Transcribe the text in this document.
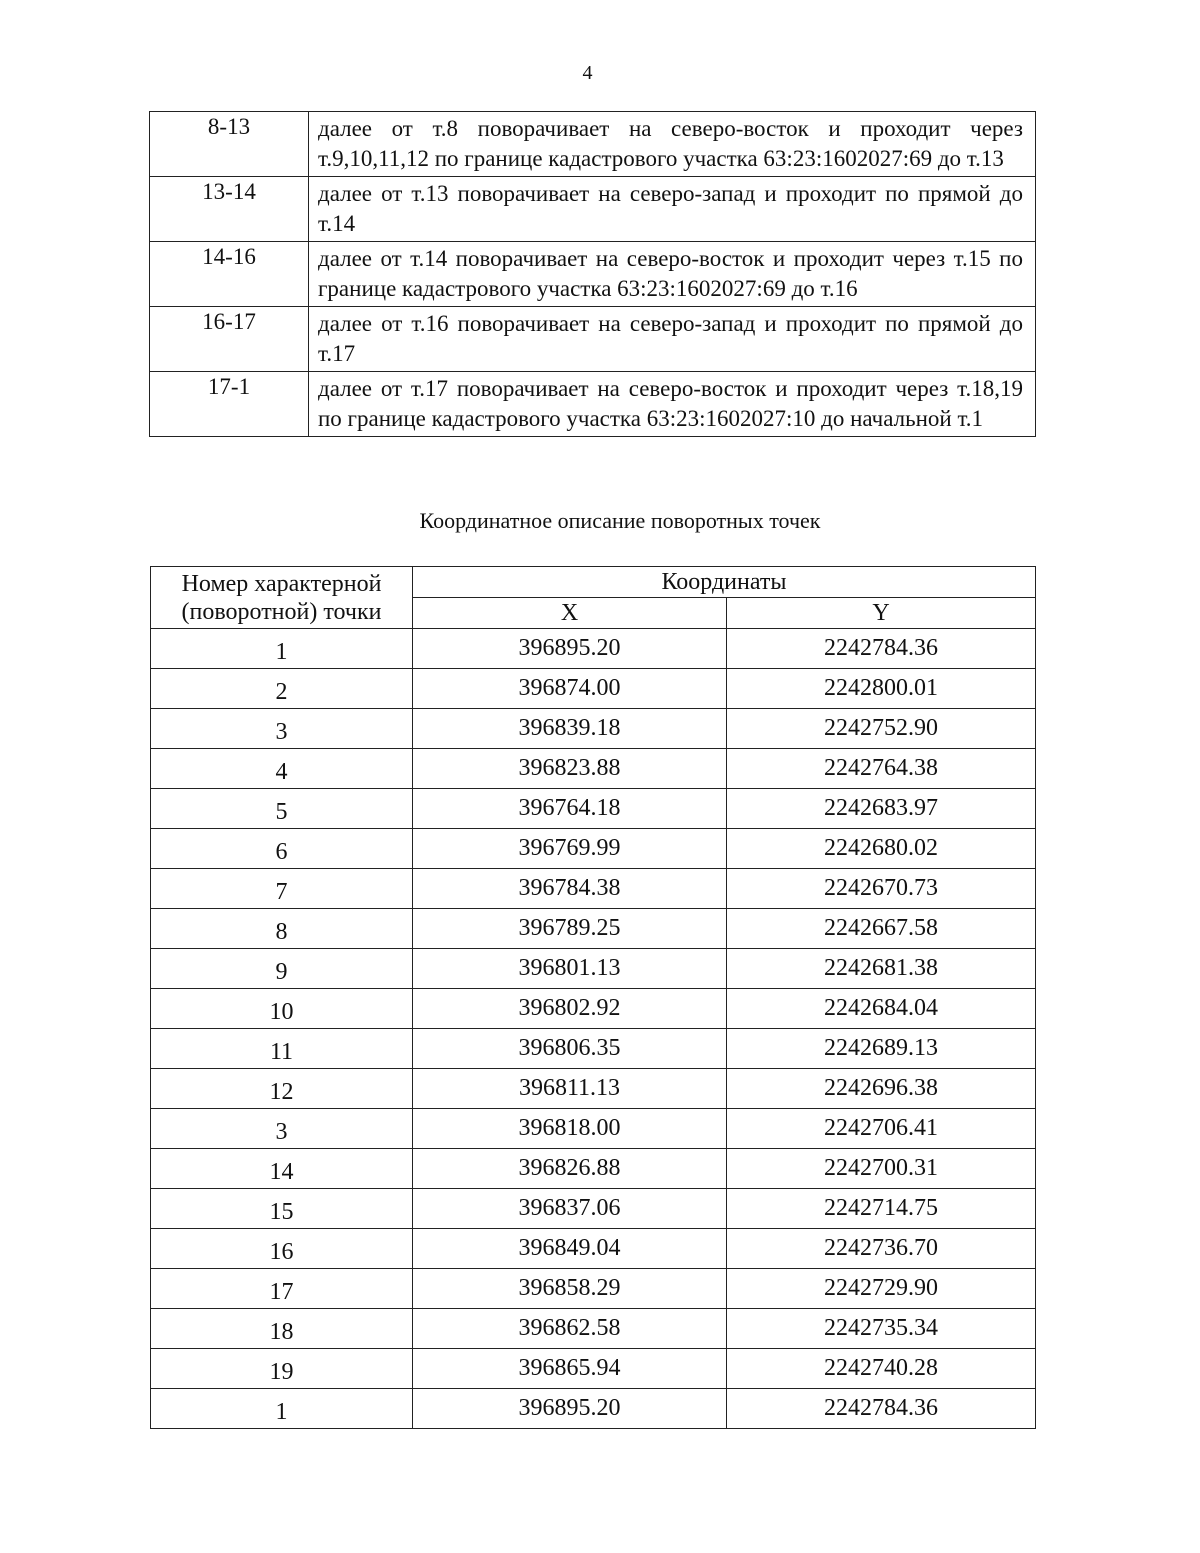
4
8-13	далее от т.8 поворачивает на северо-восток и проходит через т.9,10,11,12 по границе кадастрового участка 63:23:1602027:69 до т.13
13-14	далее от т.13 поворачивает на северо-запад и проходит по прямой до т.14
14-16	далее от т.14 поворачивает на северо-восток и проходит через т.15 по границе кадастрового участка 63:23:1602027:69 до т.16
16-17	далее от т.16 поворачивает на северо-запад и проходит по прямой до т.17
17-1	далее от т.17 поворачивает на северо-восток и проходит через т.18,19 по границе кадастрового участка 63:23:1602027:10 до начальной т.1
Координатное описание поворотных точек
Номер характерной
(поворотной) точки	Координаты	
	X	Y
1	396895.20	2242784.36
2	396874.00	2242800.01
3	396839.18	2242752.90
4	396823.88	2242764.38
5	396764.18	2242683.97
6	396769.99	2242680.02
7	396784.38	2242670.73
8	396789.25	2242667.58
9	396801.13	2242681.38
10	396802.92	2242684.04
11	396806.35	2242689.13
12	396811.13	2242696.38
3	396818.00	2242706.41
14	396826.88	2242700.31
15	396837.06	2242714.75
16	396849.04	2242736.70
17	396858.29	2242729.90
18	396862.58	2242735.34
19	396865.94	2242740.28
1	396895.20	2242784.36
